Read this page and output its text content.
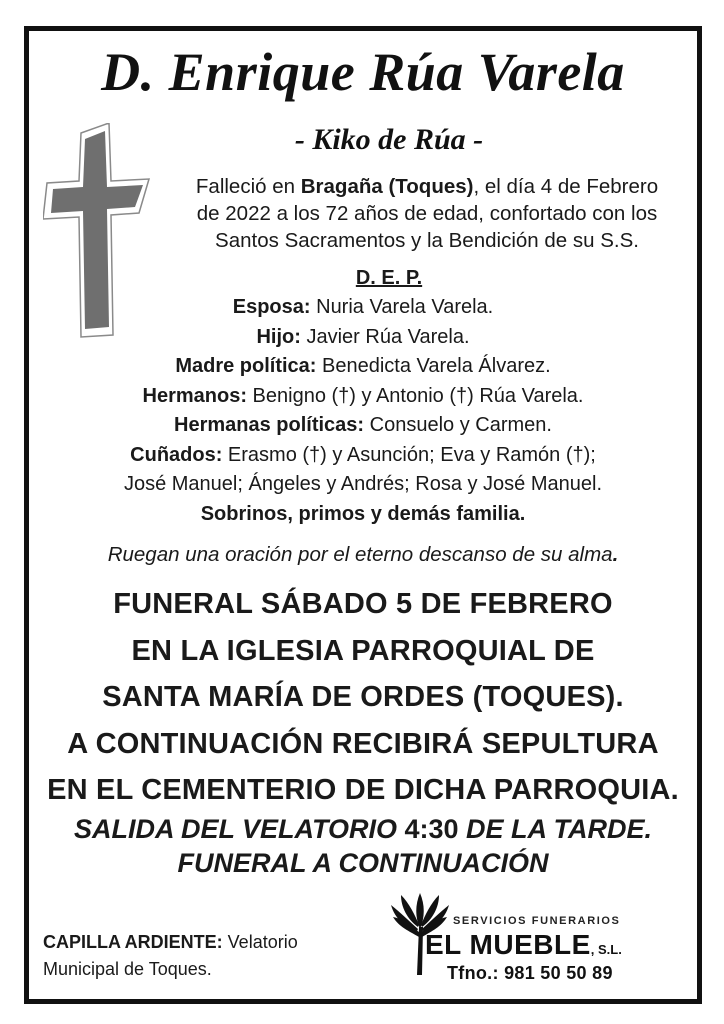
D. Enrique Rúa Varela
- Kiko de Rúa -
Falleció en Bragaña (Toques), el día 4 de Febrero
de 2022 a los 72 años de edad, confortado con los
Santos Sacramentos y la Bendición de su S.S.
D. E. P.
Esposa: Nuria Varela Varela.
Hijo: Javier Rúa Varela.
Madre política: Benedicta Varela Álvarez.
Hermanos: Benigno (†) y Antonio (†) Rúa Varela.
Hermanas políticas: Consuelo y Carmen.
Cuñados: Erasmo (†) y Asunción; Eva y Ramón (†);
José Manuel; Ángeles y Andrés; Rosa y José Manuel.
Sobrinos, primos y demás familia.
Ruegan una oración por el eterno descanso de su alma.
FUNERAL SÁBADO 5 DE FEBRERO
EN LA IGLESIA PARROQUIAL DE
SANTA MARÍA DE ORDES (TOQUES).
A CONTINUACIÓN RECIBIRÁ SEPULTURA
EN EL CEMENTERIO DE DICHA PARROQUIA.
SALIDA DEL VELATORIO 4:30 DE LA TARDE.
FUNERAL A CONTINUACIÓN
CAPILLA ARDIENTE: Velatorio
Municipal de Toques.
SERVICIOS FUNERARIOS
EL MUEBLE, S.L.
Tfno.: 981 50 50 89
